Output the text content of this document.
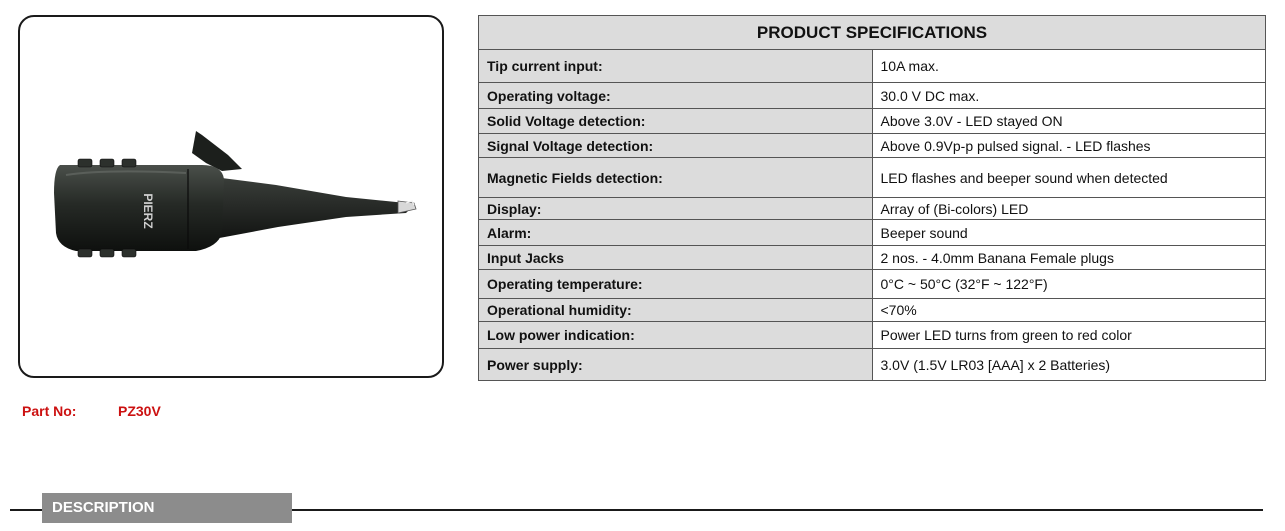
PIERZ
Part No:	PZ30V
PRODUCT SPECIFICATIONS	
Tip current input:	10A max.
Operating voltage:	30.0 V DC max.
Solid Voltage detection:	Above 3.0V - LED stayed ON
Signal Voltage detection:	Above 0.9Vp-p pulsed signal. - LED flashes
Magnetic Fields detection:	LED flashes and beeper sound when detected
Display:	Array of (Bi-colors) LED
Alarm:	Beeper sound
Input Jacks	2 nos. - 4.0mm Banana Female plugs
Operating temperature:	0°C ~ 50°C (32°F ~ 122°F)
Operational humidity:	<70%
Low power indication:	Power LED turns from green to red color
Power supply:	3.0V (1.5V LR03 [AAA] x 2 Batteries)
DESCRIPTION
